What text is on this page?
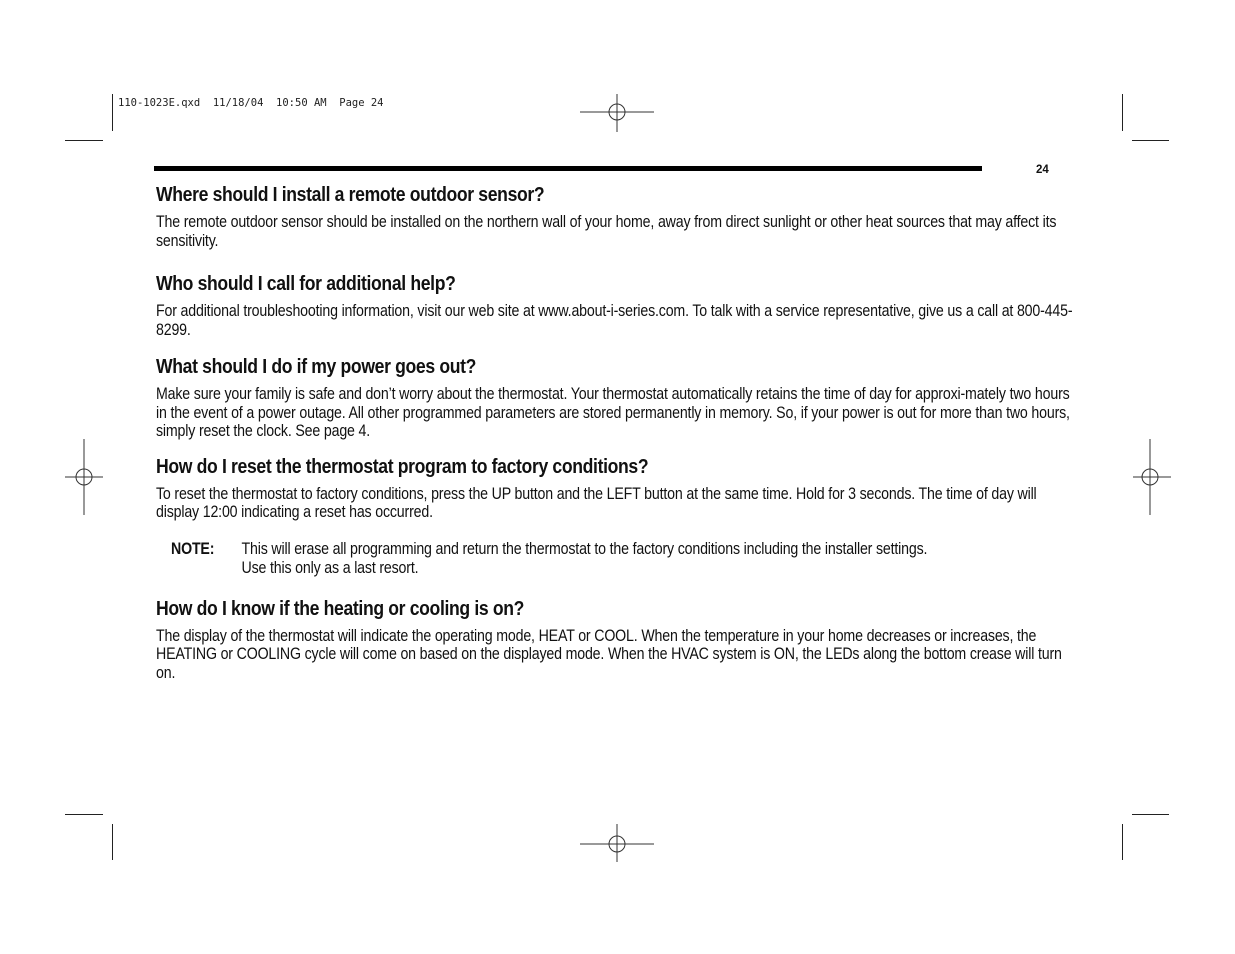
110-1023E.qxd  11/18/04  10:50 AM  Page 24
24
Where should I install a remote outdoor sensor?

The remote outdoor sensor should be installed on the northern wall of your home, away from direct sunlight or other heat sources that may affect its sensitivity.

Who should I call for additional help?

For additional troubleshooting information, visit our web site at www.about-i-series.com. To talk with a service representative, give us a call at 800-445-8299.

What should I do if my power goes out?

Make sure your family is safe and don’t worry about the thermostat. Your thermostat automatically retains the time of day for approxi-mately two hours in the event of a power outage. All other programmed parameters are stored permanently in memory. So, if your power is out for more than two hours, simply reset the clock. See page 4.

How do I reset the thermostat program to factory conditions?

To reset the thermostat to factory conditions, press the UP button and the LEFT button at the same time. Hold for 3 seconds. The time of day will display 12:00 indicating a reset has occurred.

NOTE:	This will erase all programming and return the thermostat to the factory conditions including the installer settings.
Use this only as a last resort.
How do I know if the heating or cooling is on?

The display of the thermostat will indicate the operating mode, HEAT or COOL. When the temperature in your home decreases or increases, the HEATING or COOLING cycle will come on based on the displayed mode. When the HVAC system is ON, the LEDs along the bottom crease will turn on.
